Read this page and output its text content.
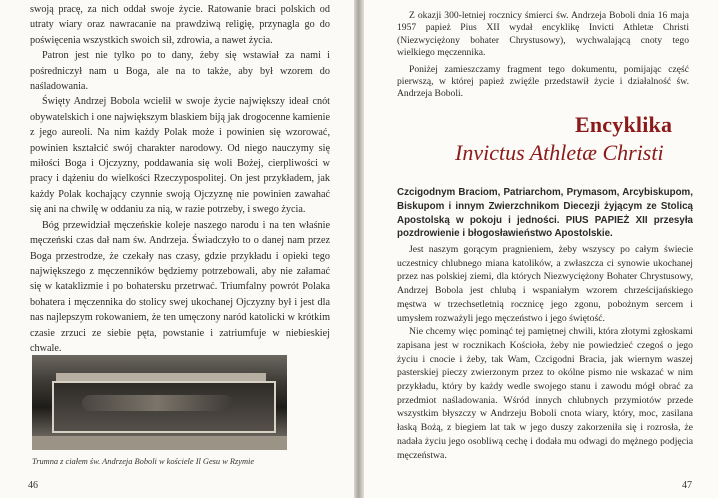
swoją pracę, za nich oddał swoje życie. Ratowanie braci polskich od utraty wiary oraz nawracanie na prawdziwą religię, przynagla go do poświęcenia wszystkich swoich sił, zdrowia, a nawet życia.

Patron jest nie tylko po to dany, żeby się wstawiał za nami i pośredniczył nam u Boga, ale na to także, aby był wzorem do naśladowania.

Święty Andrzej Bobola wcielił w swoje życie największy ideał cnót obywatelskich i one największym blaskiem biją jak drogocenne kamienie z jego aureoli. Na nim każdy Polak może i powinien się wzorować, powinien kształcić swój charakter narodowy. Od niego nauczymy się miłości Boga i Ojczyzny, poddawania się woli Bożej, cierpliwości w pracy i dążeniu do wielkości Rzeczypospolitej. On jest przykładem, jak każdy Polak kochający czynnie swoją Ojczyznę nie powinien zawahać się ani na chwilę w oddaniu za nią, w razie potrzeby, i swego życia.

Bóg przewidział męczeńskie koleje naszego narodu i na ten właśnie męczeński czas dał nam św. Andrzeja. Świadczyło to o danej nam przez Boga przestrodze, że czekały nas czasy, gdzie przykładu i opieki tego największego z męczenników będziemy potrzebowali, aby nie załamać się w kataklizmie i po bohatersku przetrwać. Triumfalny powrót Polaka bohatera i męczennika do stolicy swej ukochanej Ojczyzny był i jest dla nas najlepszym rokowaniem, że ten umęczony naród katolicki w krótkim czasie zrzuci ze siebie pęta, powstanie i zatriumfuje w niebieskiej chwale.

Trumna z ciałem św. Andrzeja Boboli w kościele Il Gesu w Rzymie
46

Z okazji 300-letniej rocznicy śmierci św. Andrzeja Boboli dnia 16 maja 1957 papież Pius XII wydał encyklikę Invicti Athletæ Christi (Niezwyciężony bohater Chrystusowy), wychwalającą cnoty tego wielkiego męczennika.

Poniżej zamieszczamy fragment tego dokumentu, pomijając część pierwszą, w której papież zwięźle przedstawił życie i działalność św. Andrzeja Boboli.

Encyklika
Invictus Athletæ Christi
Czcigodnym Braciom, Patriarchom, Prymasom, Arcybiskupom, Biskupom i innym Zwierzchnikom Diecezji żyjącym ze Stolicą Apostolską w pokoju i jedności. PIUS PAPIEŻ XII przesyła pozdrowienie i błogosławieństwo Apostolskie.

Jest naszym gorącym pragnieniem, żeby wszyscy po całym świecie uczestnicy chlubnego miana katolików, a zwłaszcza ci synowie ukochanej przez nas polskiej ziemi, dla których Niezwyciężony Bohater Chrystusowy, Andrzej Bobola jest chlubą i wspaniałym wzorem chrześcijańskiego męstwa w trzechsetletnią rocznicę jego zgonu, pobożnym sercem i umysłem rozważyli jego męczeństwo i jego świętość.

Nie chcemy więc pominąć tej pamiętnej chwili, która złotymi zgłoskami zapisana jest w rocznikach Kościoła, żeby nie powiedzieć czegoś o jego życiu i cnocie i żeby, tak Wam, Czcigodni Bracia, jak wiernym waszej pasterskiej pieczy zwierzonym przez to okólne pismo nie wskazać w nim przykładu, który by każdy wedle swojego stanu i zawodu mógł obrać za przedmiot naśladowania. Wśród innych chlubnych przymiotów przede wszystkim błyszczy w Andrzeju Boboli cnota wiary, który, moc, zasilana łaską Bożą, z biegiem lat tak w jego duszy zakorzeniła się i rozrosła, że nadała życiu jego osobliwą cechę i dodała mu odwagi do mężnego podjęcia męczeństwa.

47
